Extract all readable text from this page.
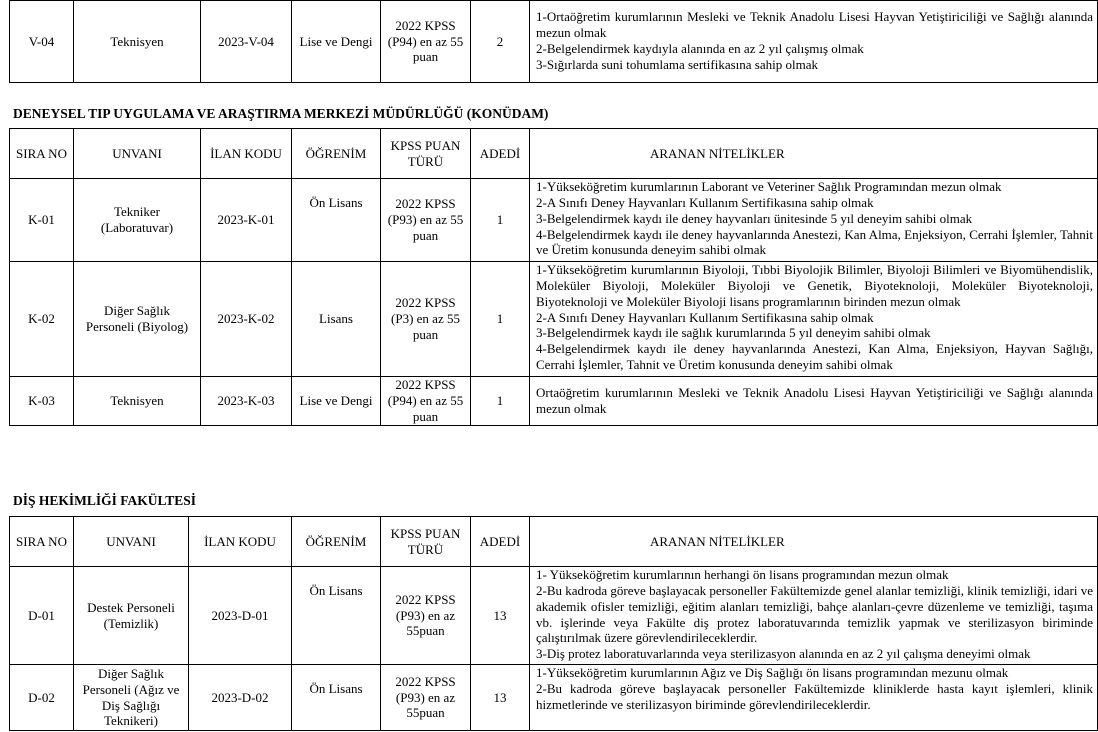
V-04	Teknisyen	2023-V-04	Lise ve Dengi	2022 KPSS (P94) en az 55 puan	2	
1-Ortaöğretim kurumlarının Mesleki ve Teknik Anadolu Lisesi Hayvan Yetiştiriciliği ve Sağlığı alanında mezun olmak
2-Belgelendirmek kaydıyla alanında en az 2 yıl çalışmış olmak
3-Sığırlarda suni tohumlama sertifikasına sahip olmak
DENEYSEL TIP UYGULAMA VE ARAŞTIRMA MERKEZİ MÜDÜRLÜĞÜ (KONÜDAM)
SIRA NO	UNVANI	İLAN KODU	ÖĞRENİM	KPSS PUAN TÜRÜ	ADEDİ	ARANAN NİTELİKLER
K-01	Tekniker (Laboratuvar)	2023-K-01	Ön Lisans	2022 KPSS (P93) en az 55 puan	1	1-Yükseköğretim kurumlarının Laborant ve Veteriner Sağlık Programından mezun olmak
2-A Sınıfı Deney Hayvanları Kullanım Sertifikasına sahip olmak
3-Belgelendirmek kaydı ile deney hayvanları ünitesinde 5 yıl deneyim sahibi olmak
4-Belgelendirmek kaydı ile deney hayvanlarında Anestezi, Kan Alma, Enjeksiyon, Cerrahi İşlemler, Tahnit ve Üretim konusunda deneyim sahibi olmak

K-02	Diğer Sağlık Personeli (Biyolog)	2023-K-02	Lisans	2022 KPSS (P3) en az 55 puan	1	1-Yükseköğretim kurumlarının Biyoloji, Tıbbi Biyolojik Bilimler, Biyoloji Bilimleri ve Biyomühendislik, Moleküler Biyoloji, Moleküler Biyoloji ve Genetik, Biyoteknoloji, Moleküler Biyoteknoloji, Biyoteknoloji ve Moleküler Biyoloji lisans programlarının birinden mezun olmak
2-A Sınıfı Deney Hayvanları Kullanım Sertifikasına sahip olmak
3-Belgelendirmek kaydı ile sağlık kurumlarında 5 yıl deneyim sahibi olmak
4-Belgelendirmek kaydı ile deney hayvanlarında Anestezi, Kan Alma, Enjeksiyon, Hayvan Sağlığı, Cerrahi İşlemler, Tahnit ve Üretim konusunda deneyim sahibi olmak

K-03	Teknisyen	2023-K-03	Lise ve Dengi	2022 KPSS (P94) en az 55 puan	1	Ortaöğretim kurumlarının Mesleki ve Teknik Anadolu Lisesi Hayvan Yetiştiriciliği ve Sağlığı alanında mezun olmak
DİŞ HEKİMLİĞİ FAKÜLTESİ
SIRA NO	UNVANI	İLAN KODU	ÖĞRENİM	KPSS PUAN TÜRÜ	ADEDİ	ARANAN NİTELİKLER
D-01	Destek Personeli (Temizlik)	2023-D-01	Ön Lisans	2022 KPSS (P93) en az 55puan	13	1- Yükseköğretim kurumlarının herhangi ön lisans programından mezun olmak
2-Bu kadroda göreve başlayacak personeller Fakültemizde genel alanlar temizliği, klinik temizliği, idari ve akademik ofisler temizliği, eğitim alanları temizliği, bahçe alanları-çevre düzenleme ve temizliği, taşıma vb. işlerinde veya Fakülte diş protez laboratuvarında temizlik yapmak ve sterilizasyon biriminde çalıştırılmak üzere görevlendirileceklerdir.
3-Diş protez laboratuvarlarında veya sterilizasyon alanında en az 2 yıl çalışma deneyimi olmak

D-02	Diğer Sağlık Personeli (Ağız ve Diş Sağlığı Teknikeri)	2023-D-02	Ön Lisans	2022 KPSS (P93) en az 55puan	13	1-Yükseköğretim kurumlarının Ağız ve Diş Sağlığı ön lisans programından mezunu olmak
2-Bu kadroda göreve başlayacak personeller Fakültemizde kliniklerde hasta kayıt işlemleri, klinik hizmetlerinde ve sterilizasyon biriminde görevlendirileceklerdir.
